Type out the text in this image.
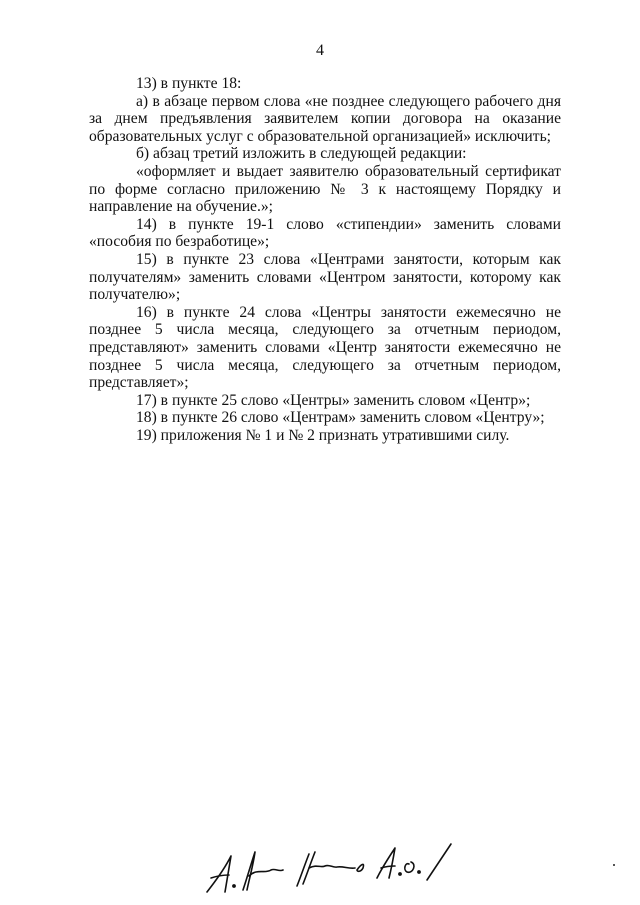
4

13) в пункте 18:

а) в абзаце первом слова «не позднее следующего рабочего дня за днем предъявления заявителем копии договора на оказание образовательных услуг с образовательной организацией» исключить;

б) абзац третий изложить в следующей редакции:

«оформляет и выдает заявителю образовательный сертификат по форме согласно приложению № 3 к настоящему Порядку и направление на обучение.»;

14) в пункте 19-1 слово «стипендии» заменить словами «пособия по безработице»;

15) в пункте 23 слова «Центрами занятости, которым как получателям» заменить словами «Центром занятости, которому как получателю»;

16) в пункте 24 слова «Центры занятости ежемесячно не позднее 5 числа месяца, следующего за отчетным периодом, представляют» заменить словами «Центр занятости ежемесячно не позднее 5 числа месяца, следующего за отчетным периодом, представляет»;

17) в пункте 25 слово «Центры» заменить словом «Центр»;

18) в пункте 26 слово «Центрам» заменить словом «Центру»;

19) приложения № 1 и № 2 признать утратившими силу.
